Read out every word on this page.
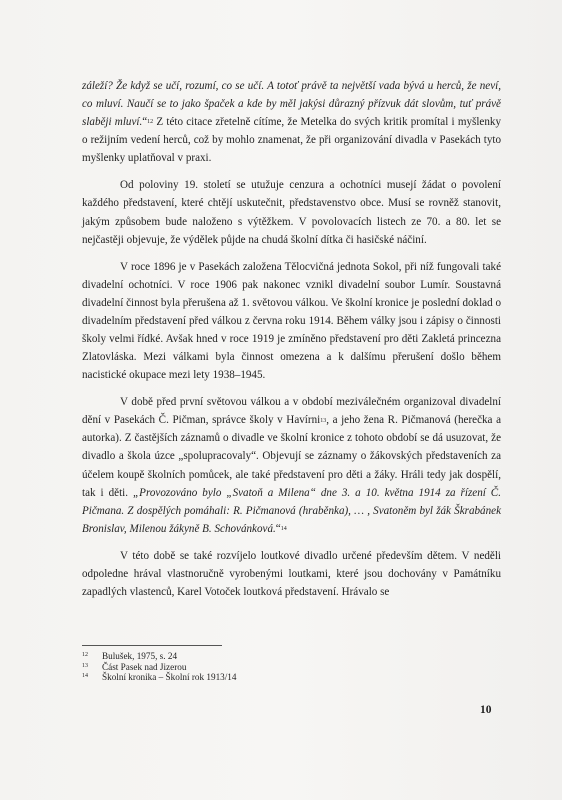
záleží? Že když se učí, rozumí, co se učí. A totoť právě ta největší vada bývá u herců, že neví, co mluví. Naučí se to jako špaček a kde by měl jakýsi důrazný přízvuk dát slovům, tuť právě slaběji mluví.“$^{12}$ Z této citace zřetelně cítíme, že Metelka do svých kritik promítal i myšlenky o režijním vedení herců, což by mohlo znamenat, že při organizování divadla v Pasekách tyto myšlenky uplatňoval v praxi.

Od poloviny 19. století se utužuje cenzura a ochotníci musejí žádat o povolení každého představení, které chtějí uskutečnit, představenstvo obce. Musí se rovněž stanovit, jakým způsobem bude naloženo s výtěžkem. V povolovacích listech ze 70. a 80. let se nejčastěji objevuje, že výdělek půjde na chudá školní dítka či hasičské náčiní.

V roce 1896 je v Pasekách založena Tělocvičná jednota Sokol, při níž fungovali také divadelní ochotníci. V roce 1906 pak nakonec vznikl divadelní soubor Lumír. Soustavná divadelní činnost byla přerušena až 1. světovou válkou. Ve školní kronice je poslední doklad o divadelním představení před válkou z června roku 1914. Během války jsou i zápisy o činnosti školy velmi řídké. Avšak hned v roce 1919 je zmíněno představení pro děti Zakletá princezna Zlatovláska. Mezi válkami byla činnost omezena a k dalšímu přerušení došlo během nacistické okupace mezi lety 1938–1945.

V době před první světovou válkou a v období meziválečném organizoval divadelní dění v Pasekách Č. Pičman, správce školy v Havírni$^{13}$, a jeho žena R. Pičmanová (herečka a autorka). Z častějších záznamů o divadle ve školní kronice z tohoto období se dá usuzovat, že divadlo a škola úzce „spolupracovaly“. Objevují se záznamy o žákovských představeních za účelem koupě školních pomůcek, ale také představení pro děti a žáky. Hráli tedy jak dospělí, tak i děti. „Provozováno bylo „Svatoň a Milena“ dne 3. a 10. května 1914 za řízení Č. Pičmana. Z dospělých pomáhali: R. Pičmanová (hraběnka), … , Svatoněm byl žák Škrabánek Bronislav, Milenou žákyně B. Schovánková.“$^{14}$

V této době se také rozvíjelo loutkové divadlo určené především dětem. V neděli odpoledne hrával vlastnoručně vyrobenými loutkami, které jsou dochovány v Památníku zapadlých vlastenců, Karel Votoček loutková představení. Hrávalo se

12	Bulušek, 1975, s. 24
13	Část Pasek nad Jizerou
14	Školní kronika – Školní rok 1913/14
10
